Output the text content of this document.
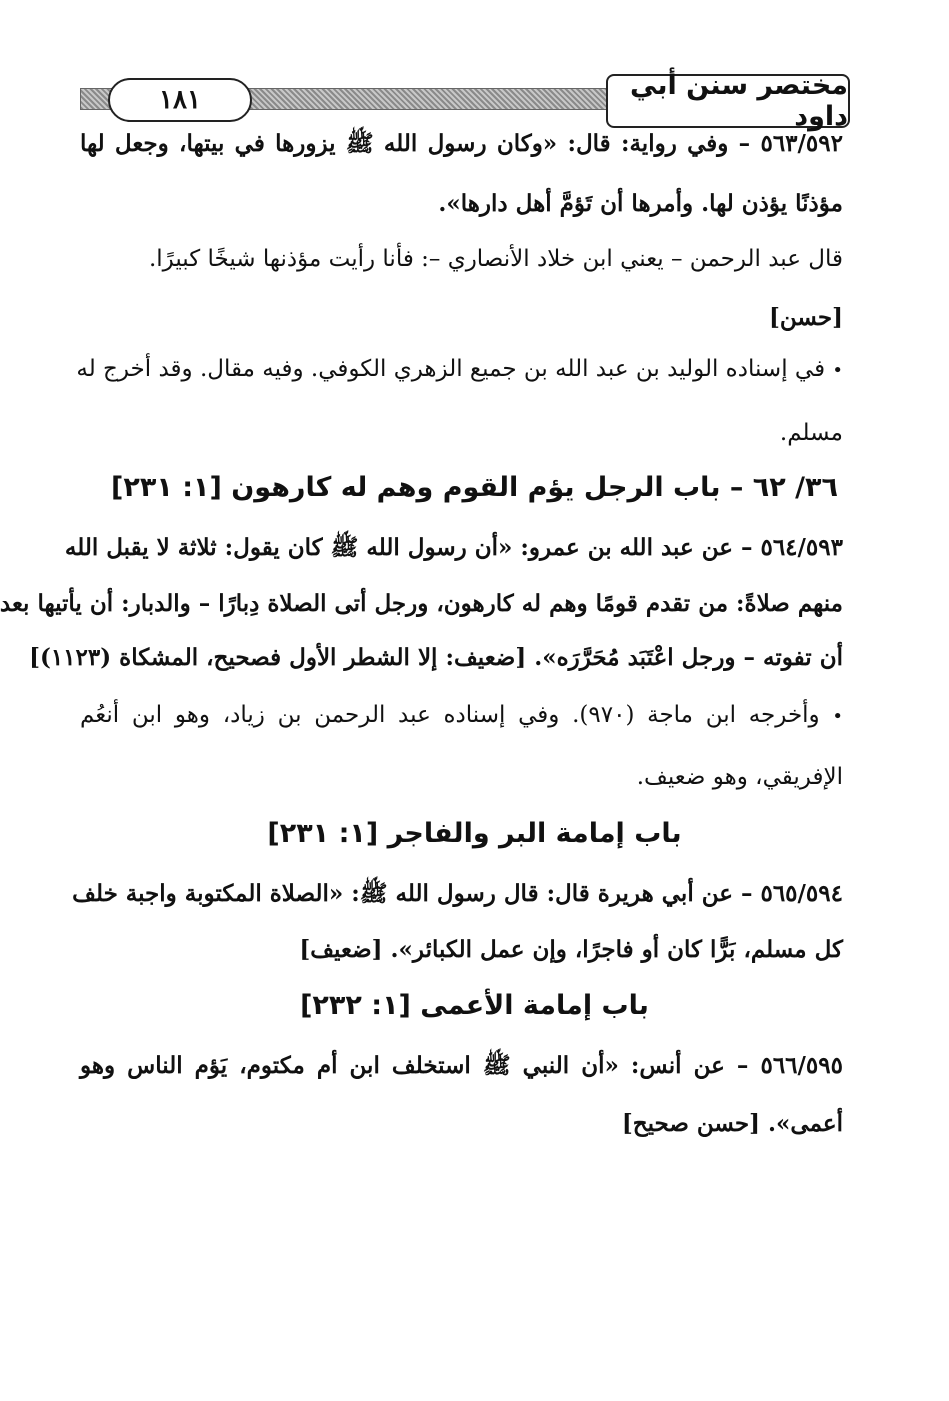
١٨١	مختصر سنن أبي داود
٥٦٣/٥٩٢ – وفي رواية: قال: «وكان رسول الله ﷺ يزورها في بيتها، وجعل لها
مؤذنًا يؤذن لها. وأمرها أن تَؤمَّ أهل دارها».
قال عبد الرحمن – يعني ابن خلاد الأنصاري –: فأنا رأيت مؤذنها شيخًا كبيرًا.
[حسن]
• في إسناده الوليد بن عبد الله بن جميع الزهري الكوفي. وفيه مقال. وقد أخرج له
مسلم.
٣٦/ ٦٢ – باب الرجل يؤم القوم وهم له كارهون [١: ٢٣١]
٥٦٤/٥٩٣ – عن عبد الله بن عمرو: «أن رسول الله ﷺ كان يقول: ثلاثة لا يقبل الله
منهم صلاةً: من تقدم قومًا وهم له كارهون، ورجل أتى الصلاة دِبارًا – والدبار: أن يأتيها بعد
أن تفوته – ورجل اعْتَبَد مُحَرَّرَه». [ضعيف: إلا الشطر الأول فصحيح، المشكاة (١١٢٣)]
• وأخرجه ابن ماجة (٩٧٠). وفي إسناده عبد الرحمن بن زياد، وهو ابن أنعُم
الإفريقي، وهو ضعيف.
باب إمامة البر والفاجر [١: ٢٣١]
٥٦٥/٥٩٤ – عن أبي هريرة قال: قال رسول الله ﷺ: «الصلاة المكتوبة واجبة خلف
كل مسلم، بَرًّا كان أو فاجرًا، وإن عمل الكبائر». [ضعيف]
باب إمامة الأعمى [١: ٢٣٢]
٥٦٦/٥٩٥ – عن أنس: «أن النبي ﷺ استخلف ابن أم مكتوم، يَؤم الناس وهو
أعمى». [حسن صحيح]
